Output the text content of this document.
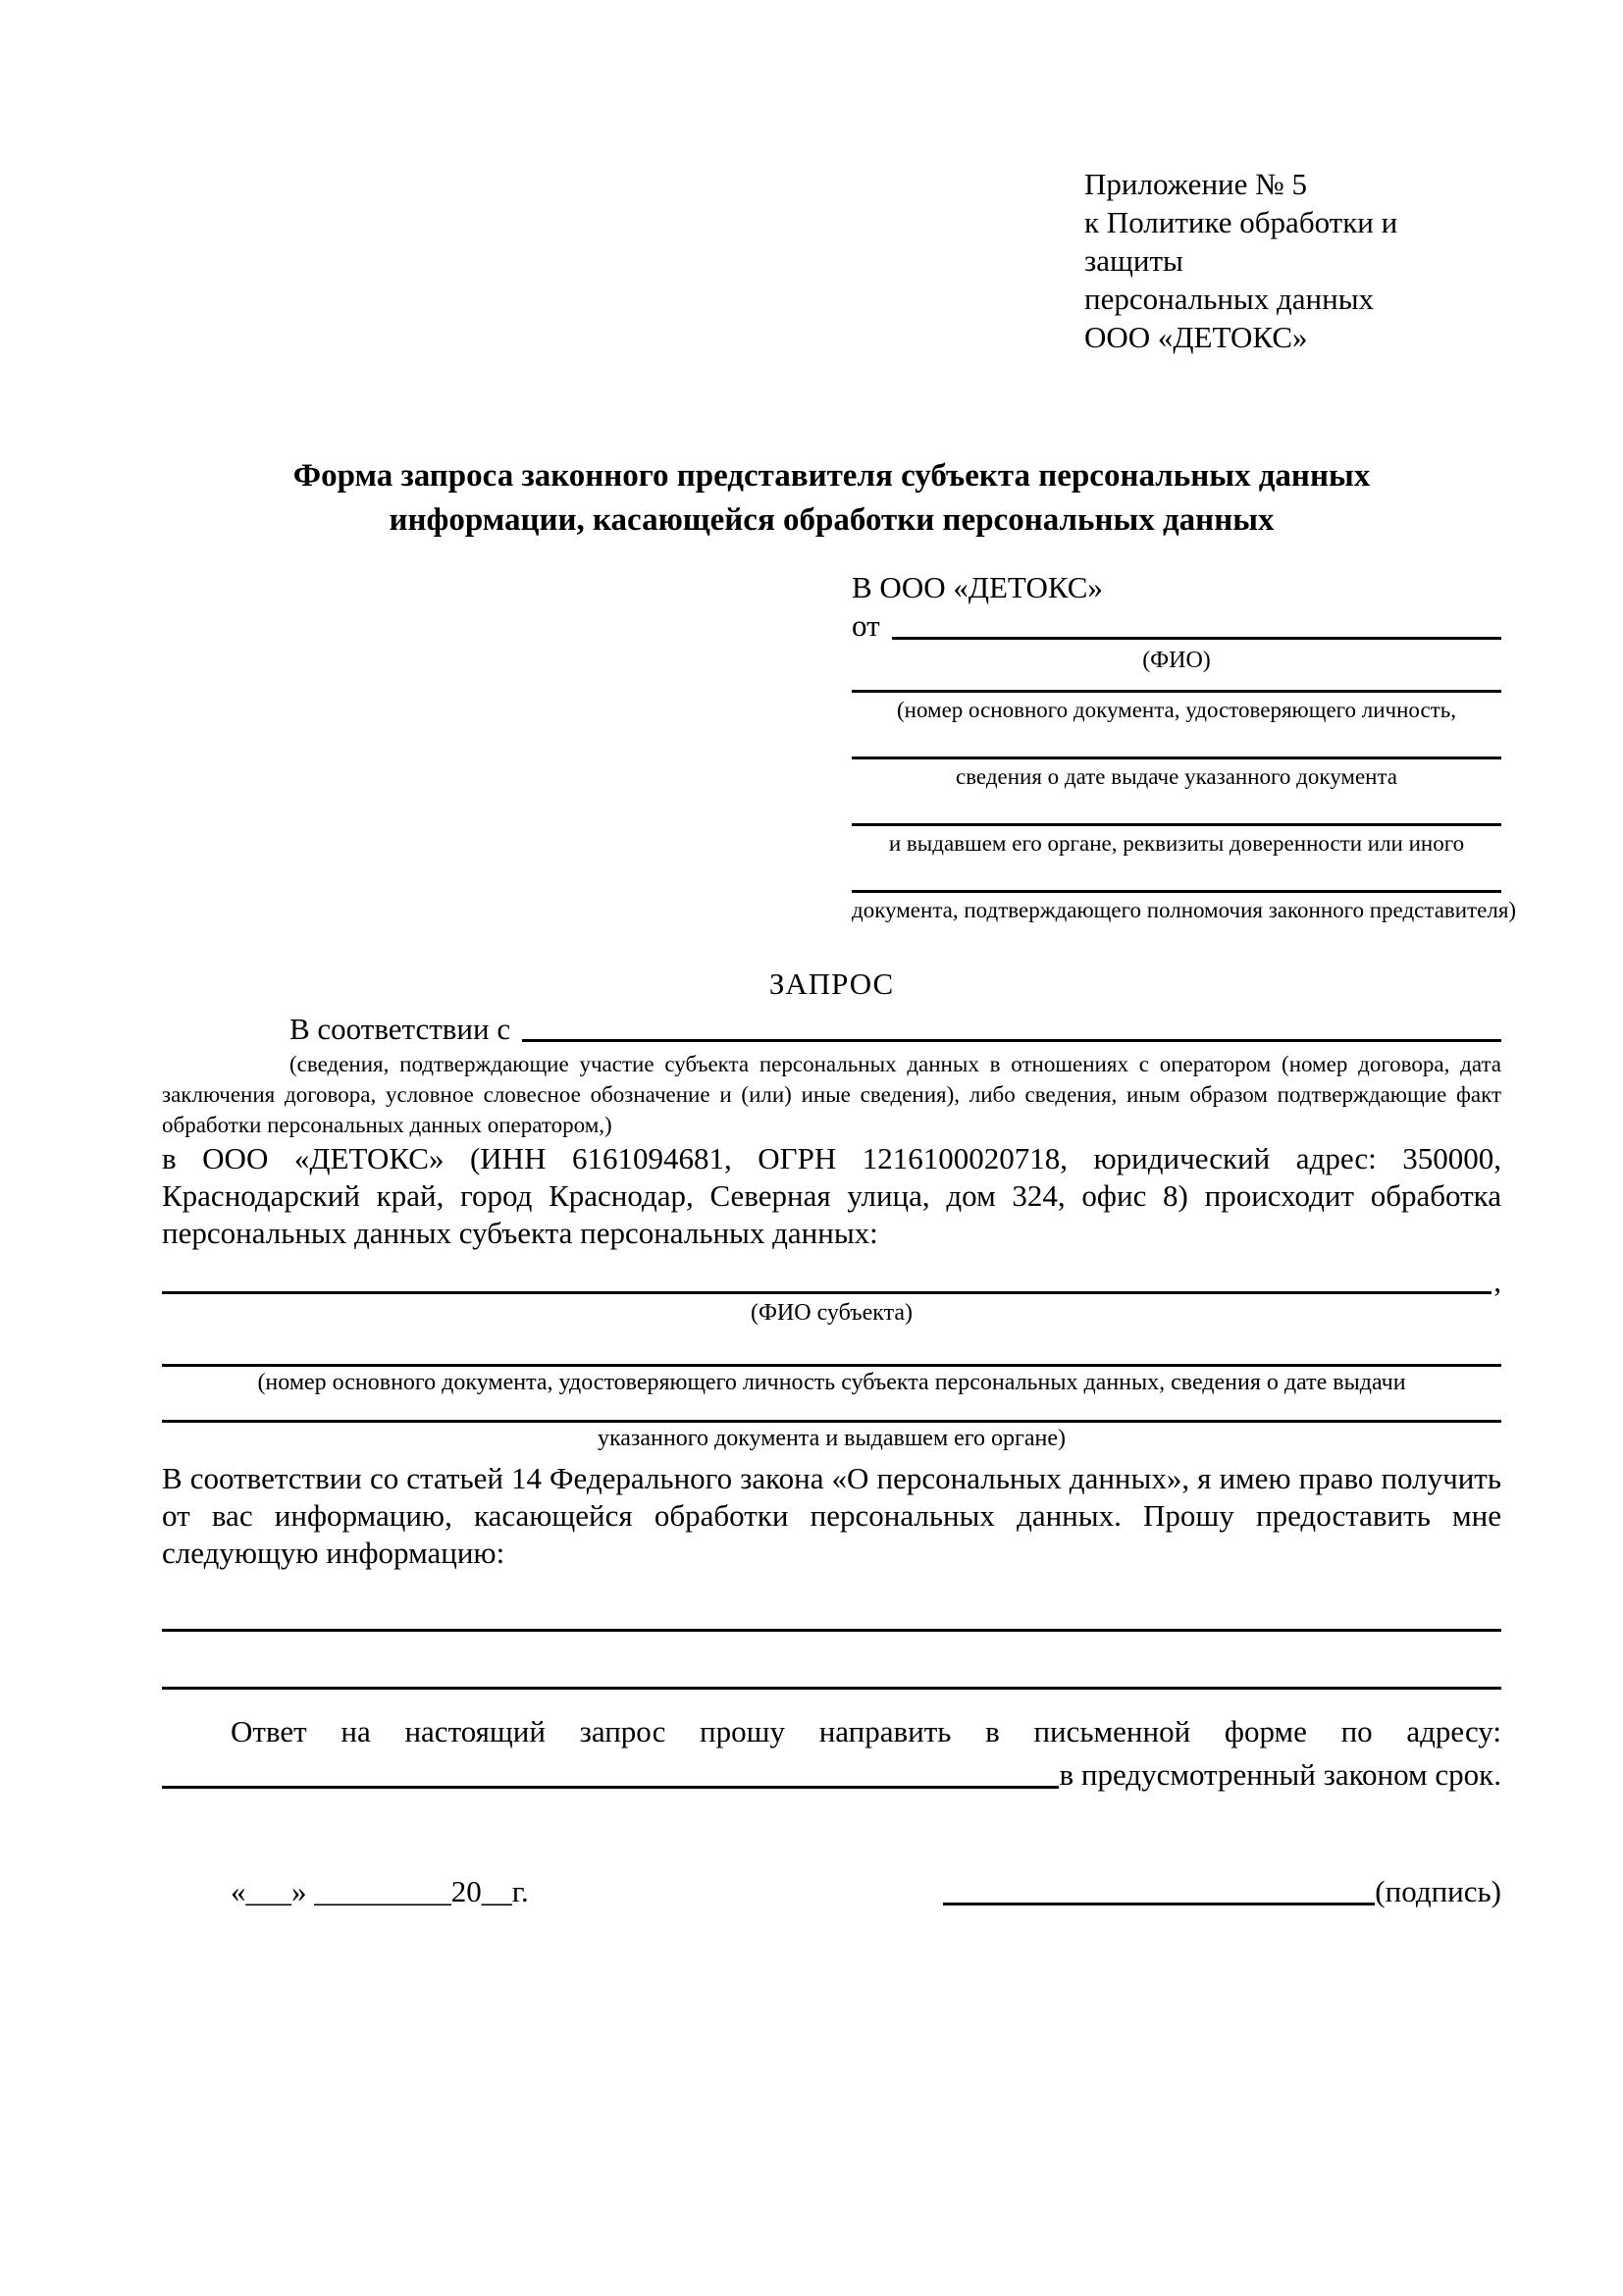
Приложение № 5
к Политике обработки и защиты
персональных данных
ООО «ДЕТОКС»
Форма запроса законного представителя субъекта персональных данных
информации, касающейся обработки персональных данных
В ООО «ДЕТОКС»
от
(ФИО)
(номер основного документа, удостоверяющего личность,
сведения о дате выдаче указанного документа
и выдавшем его органе, реквизиты доверенности или иного
документа, подтверждающего полномочия законного представителя)
ЗАПРОС
В соответствии с

(сведения, подтверждающие участие субъекта персональных данных в отношениях с оператором (номер договора, дата заключения договора, условное словесное обозначение и (или) иные сведения), либо сведения, иным образом подтверждающие факт обработки персональных данных оператором,)

в ООО «ДЕТОКС» (ИНН 6161094681, ОГРН 1216100020718, юридический адрес: 350000, Краснодарский край, город Краснодар, Северная улица, дом 324, офис 8) происходит обработка персональных данных субъекта персональных данных:

,
(ФИО субъекта)
(номер основного документа, удостоверяющего личность субъекта персональных данных, сведения о дате выдачи
указанного документа и выдавшем его органе)

В соответствии со статьей 14 Федерального закона «О персональных данных», я имею право получить от вас информацию, касающейся обработки персональных данных. Прошу предоставить мне следующую информацию:

Ответ на настоящий запрос прошу направить в письменной форме по адресу:

в предусмотренный законом срок.
«___» _________20__г.	(подпись)
